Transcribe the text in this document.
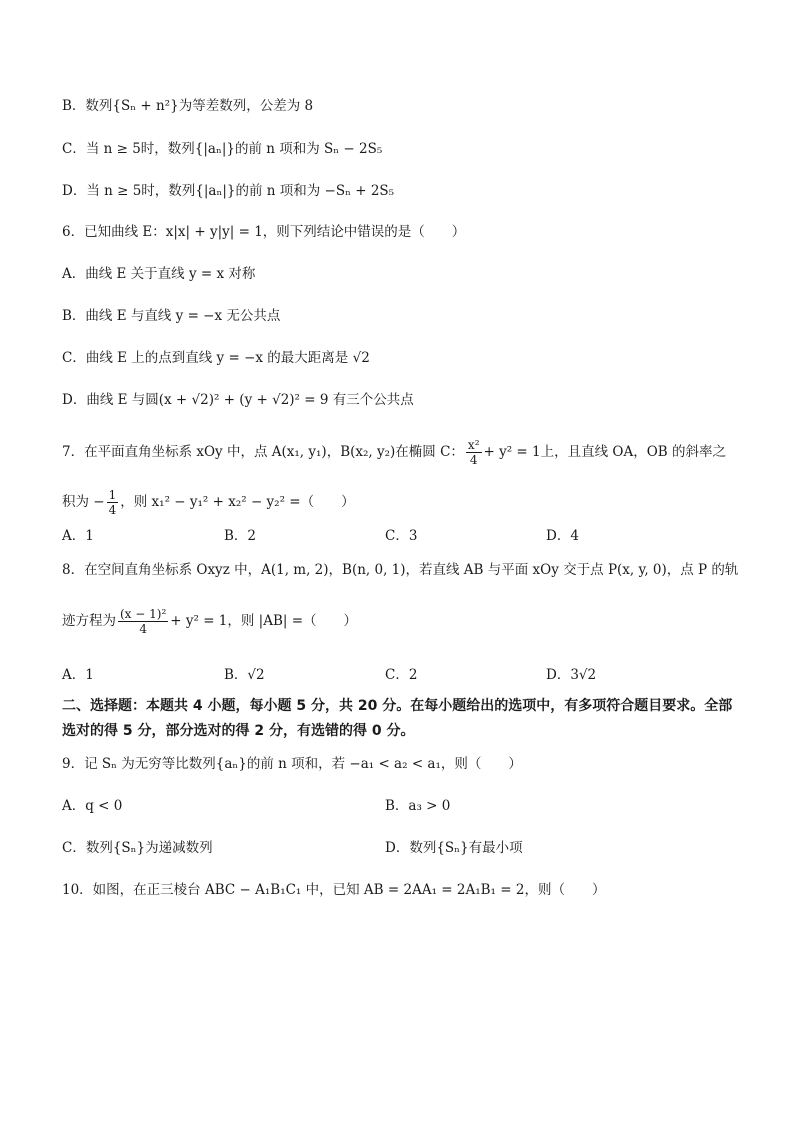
B．数列{Sₙ + n²}为等差数列，公差为 8
C．当 n ≥ 5时，数列{|aₙ|}的前 n 项和为 Sₙ − 2S₅
D．当 n ≥ 5时，数列{|aₙ|}的前 n 项和为 −Sₙ + 2S₅
6．已知曲线 E：x|x| + y|y| = 1，则下列结论中错误的是（　　）
A．曲线 E 关于直线 y = x 对称
B．曲线 E 与直线 y = −x 无公共点
C．曲线 E 上的点到直线 y = −x 的最大距离是 √2
D．曲线 E 与圆(x + √2)² + (y + √2)² = 9 有三个公共点
7．在平面直角坐标系 xOy 中，点 A(x₁, y₁)，B(x₂, y₂)在椭圆 C： $\frac{\text{x²}}{4} + y^2 = 1$上，且直线 OA，OB 的斜率之
积为 − $\frac{1}{4}$ ，则 x₁² − y₁² + x₂² − y₂² =（　　）
A．1	B．2	C．3	D．4
8．在空间直角坐标系 Oxyz 中，A(1, m, 2)，B(n, 0, 1)，若直线 AB 与平面 xOy 交于点 P(x, y, 0)，点 P 的轨
迹方程为 $\frac{\text{(x − 1)²}}{4} + y^2 = 1$，则 |AB| =（　　）
A．1	B．√2	C．2	D．3√2
二、选择题：本题共 4 小题，每小题 5 分，共 20 分。在每小题给出的选项中，有多项符合题目要求。全部选对的得 5 分，部分选对的得 2 分，有选错的得 0 分。
9．记 Sₙ 为无穷等比数列{aₙ}的前 n 项和，若 −a₁ < a₂ < a₁，则（　　）
A．q < 0	B．a₃ > 0
C．数列{Sₙ}为递减数列	D．数列{Sₙ}有最小项
10．如图，在正三棱台 ABC − A₁B₁C₁ 中，已知 AB = 2AA₁ = 2A₁B₁ = 2，则（　　）
